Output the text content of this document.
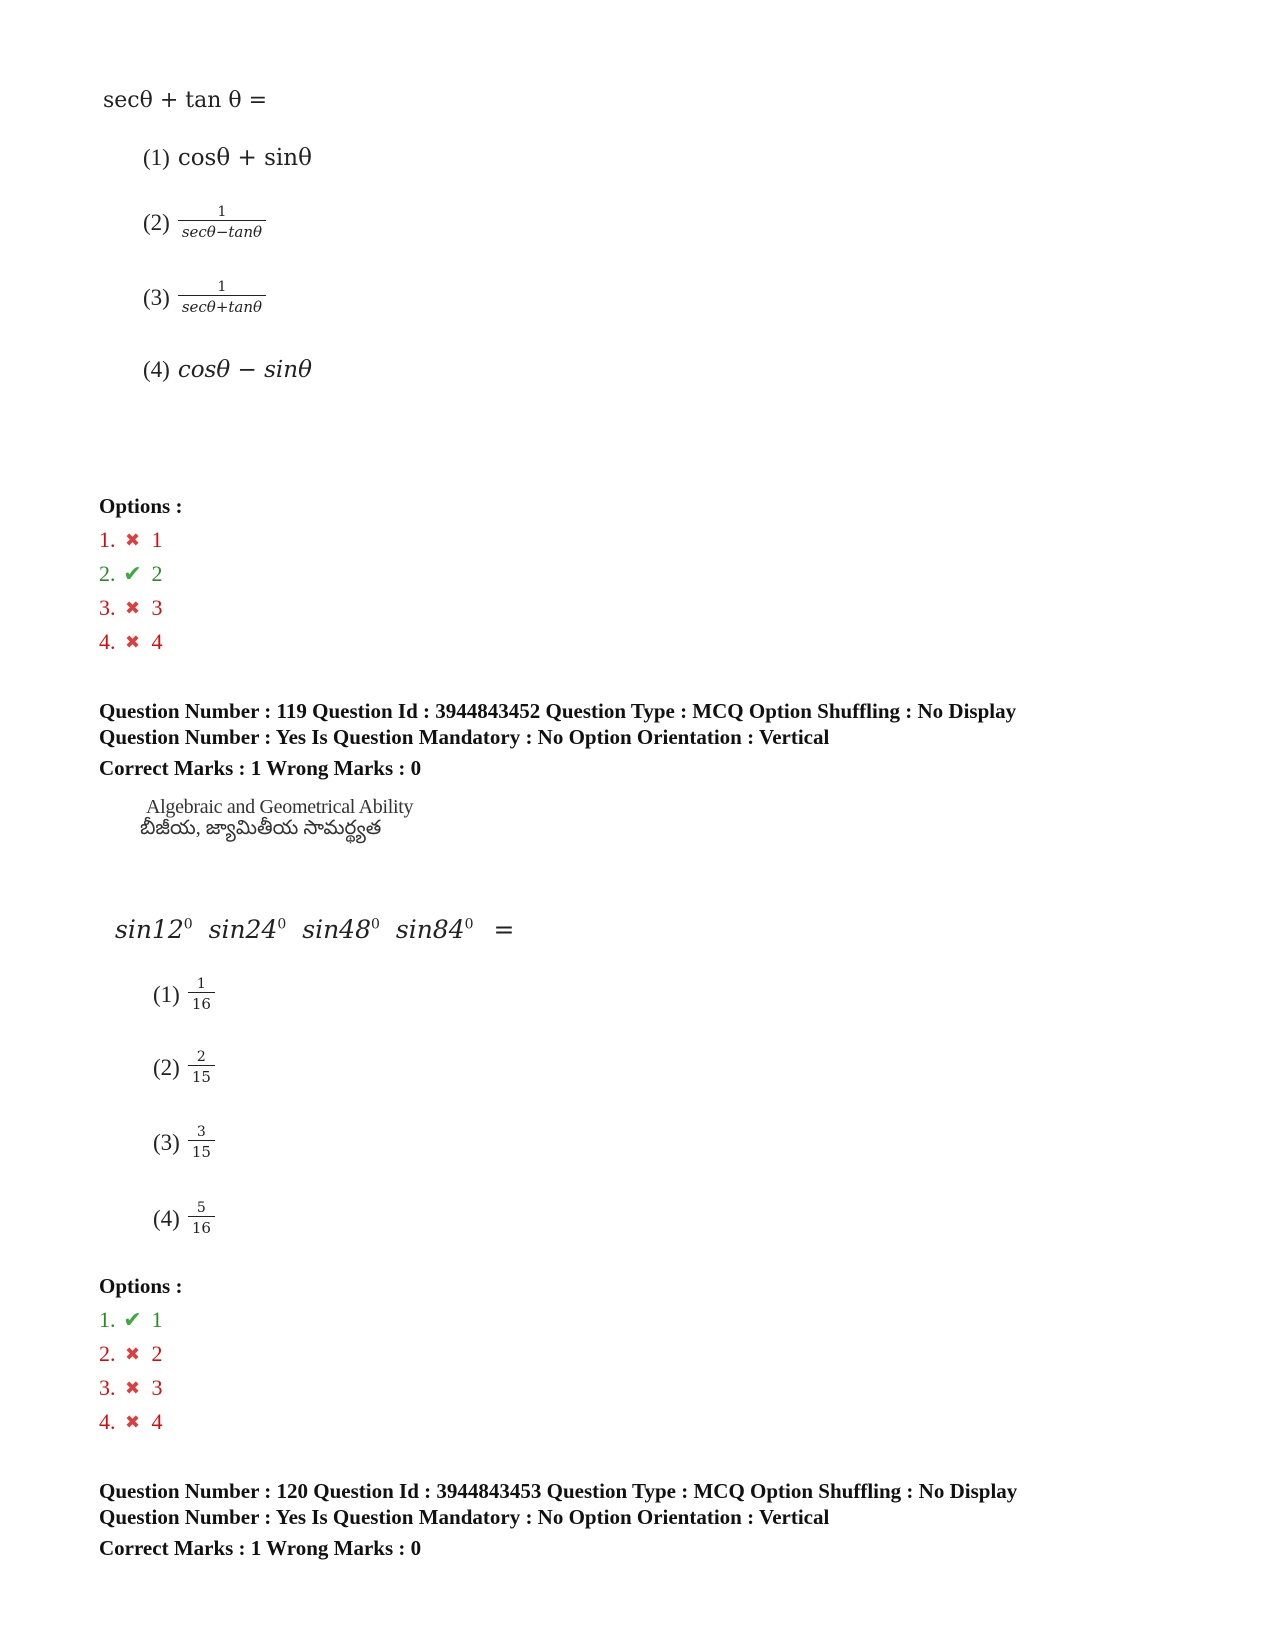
secθ + tan θ =
(1) cosθ + sinθ
$(2) \frac{1}{\sec\theta-\tan\theta}$
$(3) \frac{1}{\sec\theta+\tan\theta}$
(4) cosθ − sinθ
Options :
1. ✖ 1
2. ✔ 2
3. ✖ 3
4. ✖ 4
Question Number : 119 Question Id : 3944843452 Question Type : MCQ Option Shuffling : No Display
Question Number : Yes Is Question Mandatory : No Option Orientation : Vertical
Correct Marks : 1 Wrong Marks : 0
Algebraic and Geometrical Ability
బీజీయ, జ్యామితీయ సామర్థ్యత
$\sin 12^0$ $\sin 24^0$ $\sin 48^0$ $\sin 84^0$ =
$(1) \frac{1}{16}$
$(2) \frac{2}{15}$
$(3) \frac{3}{15}$
$(4) \frac{5}{16}$
Options :
1. ✔ 1
2. ✖ 2
3. ✖ 3
4. ✖ 4
Question Number : 120 Question Id : 3944843453 Question Type : MCQ Option Shuffling : No Display
Question Number : Yes Is Question Mandatory : No Option Orientation : Vertical
Correct Marks : 1 Wrong Marks : 0
